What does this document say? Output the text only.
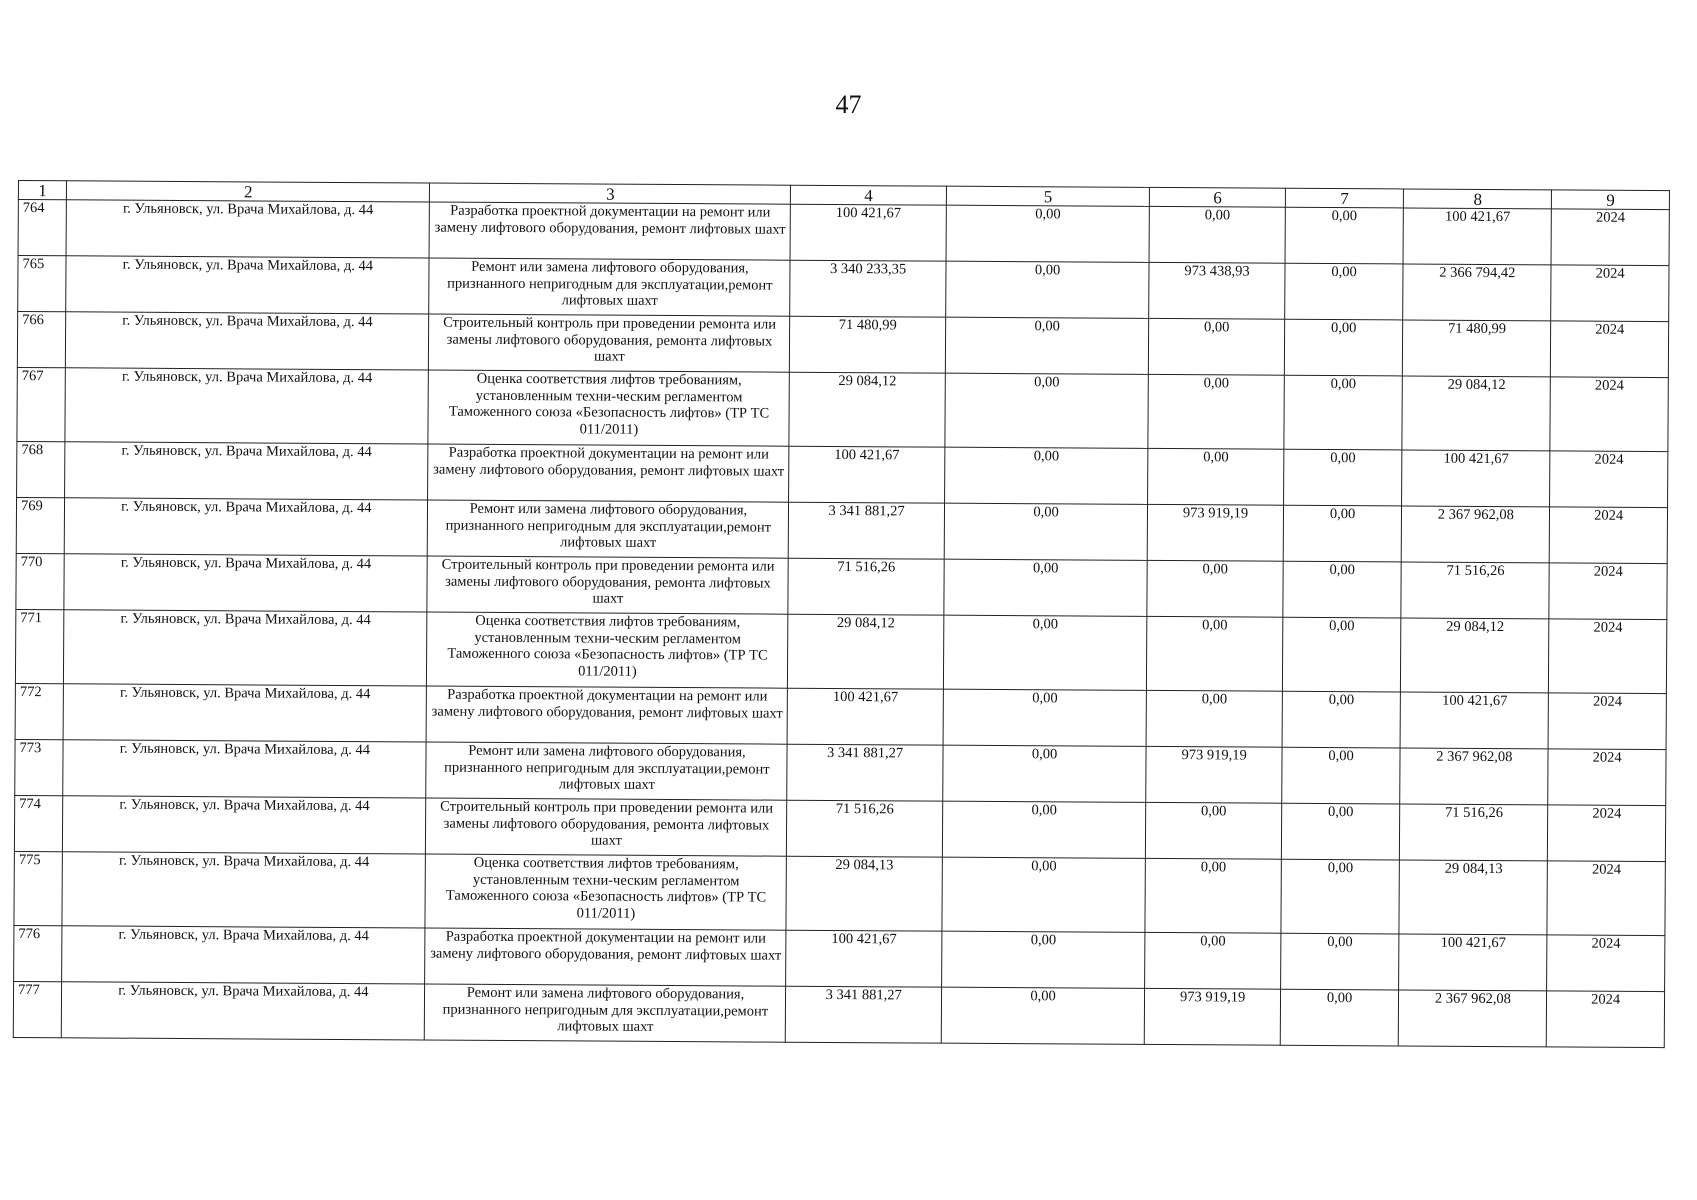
47
1	2	3	4	5	6	7	8	9
764	г. Ульяновск, ул. Врача Михайлова, д. 44	Разработка проектной документации на ремонт или замену лифтового оборудования, ремонт лифтовых шахт	100 421,67	0,00	0,00	0,00	100 421,67	2024
765	г. Ульяновск, ул. Врача Михайлова, д. 44	Ремонт или замена лифтового оборудования, признанного непригодным для эксплуатации,ремонт лифтовых шахт	3 340 233,35	0,00	973 438,93	0,00	2 366 794,42	2024
766	г. Ульяновск, ул. Врача Михайлова, д. 44	Строительный контроль при проведении ремонта или замены лифтового оборудования, ремонта лифтовых шахт	71 480,99	0,00	0,00	0,00	71 480,99	2024
767	г. Ульяновск, ул. Врача Михайлова, д. 44	Оценка соответствия лифтов требованиям, установленным техни-ческим регламентом Таможенного союза «Безопасность лифтов» (ТР ТС 011/2011)	29 084,12	0,00	0,00	0,00	29 084,12	2024
768	г. Ульяновск, ул. Врача Михайлова, д. 44	Разработка проектной документации на ремонт или замену лифтового оборудования, ремонт лифтовых шахт	100 421,67	0,00	0,00	0,00	100 421,67	2024
769	г. Ульяновск, ул. Врача Михайлова, д. 44	Ремонт или замена лифтового оборудования, признанного непригодным для эксплуатации,ремонт лифтовых шахт	3 341 881,27	0,00	973 919,19	0,00	2 367 962,08	2024
770	г. Ульяновск, ул. Врача Михайлова, д. 44	Строительный контроль при проведении ремонта или замены лифтового оборудования, ремонта лифтовых шахт	71 516,26	0,00	0,00	0,00	71 516,26	2024
771	г. Ульяновск, ул. Врача Михайлова, д. 44	Оценка соответствия лифтов требованиям, установленным техни-ческим регламентом Таможенного союза «Безопасность лифтов» (ТР ТС 011/2011)	29 084,12	0,00	0,00	0,00	29 084,12	2024
772	г. Ульяновск, ул. Врача Михайлова, д. 44	Разработка проектной документации на ремонт или замену лифтового оборудования, ремонт лифтовых шахт	100 421,67	0,00	0,00	0,00	100 421,67	2024
773	г. Ульяновск, ул. Врача Михайлова, д. 44	Ремонт или замена лифтового оборудования, признанного непригодным для эксплуатации,ремонт лифтовых шахт	3 341 881,27	0,00	973 919,19	0,00	2 367 962,08	2024
774	г. Ульяновск, ул. Врача Михайлова, д. 44	Строительный контроль при проведении ремонта или замены лифтового оборудования, ремонта лифтовых шахт	71 516,26	0,00	0,00	0,00	71 516,26	2024
775	г. Ульяновск, ул. Врача Михайлова, д. 44	Оценка соответствия лифтов требованиям, установленным техни-ческим регламентом Таможенного союза «Безопасность лифтов» (ТР ТС 011/2011)	29 084,13	0,00	0,00	0,00	29 084,13	2024
776	г. Ульяновск, ул. Врача Михайлова, д. 44	Разработка проектной документации на ремонт или замену лифтового оборудования, ремонт лифтовых шахт	100 421,67	0,00	0,00	0,00	100 421,67	2024
777	г. Ульяновск, ул. Врача Михайлова, д. 44	Ремонт или замена лифтового оборудования, признанного непригодным для эксплуатации,ремонт лифтовых шахт	3 341 881,27	0,00	973 919,19	0,00	2 367 962,08	2024
